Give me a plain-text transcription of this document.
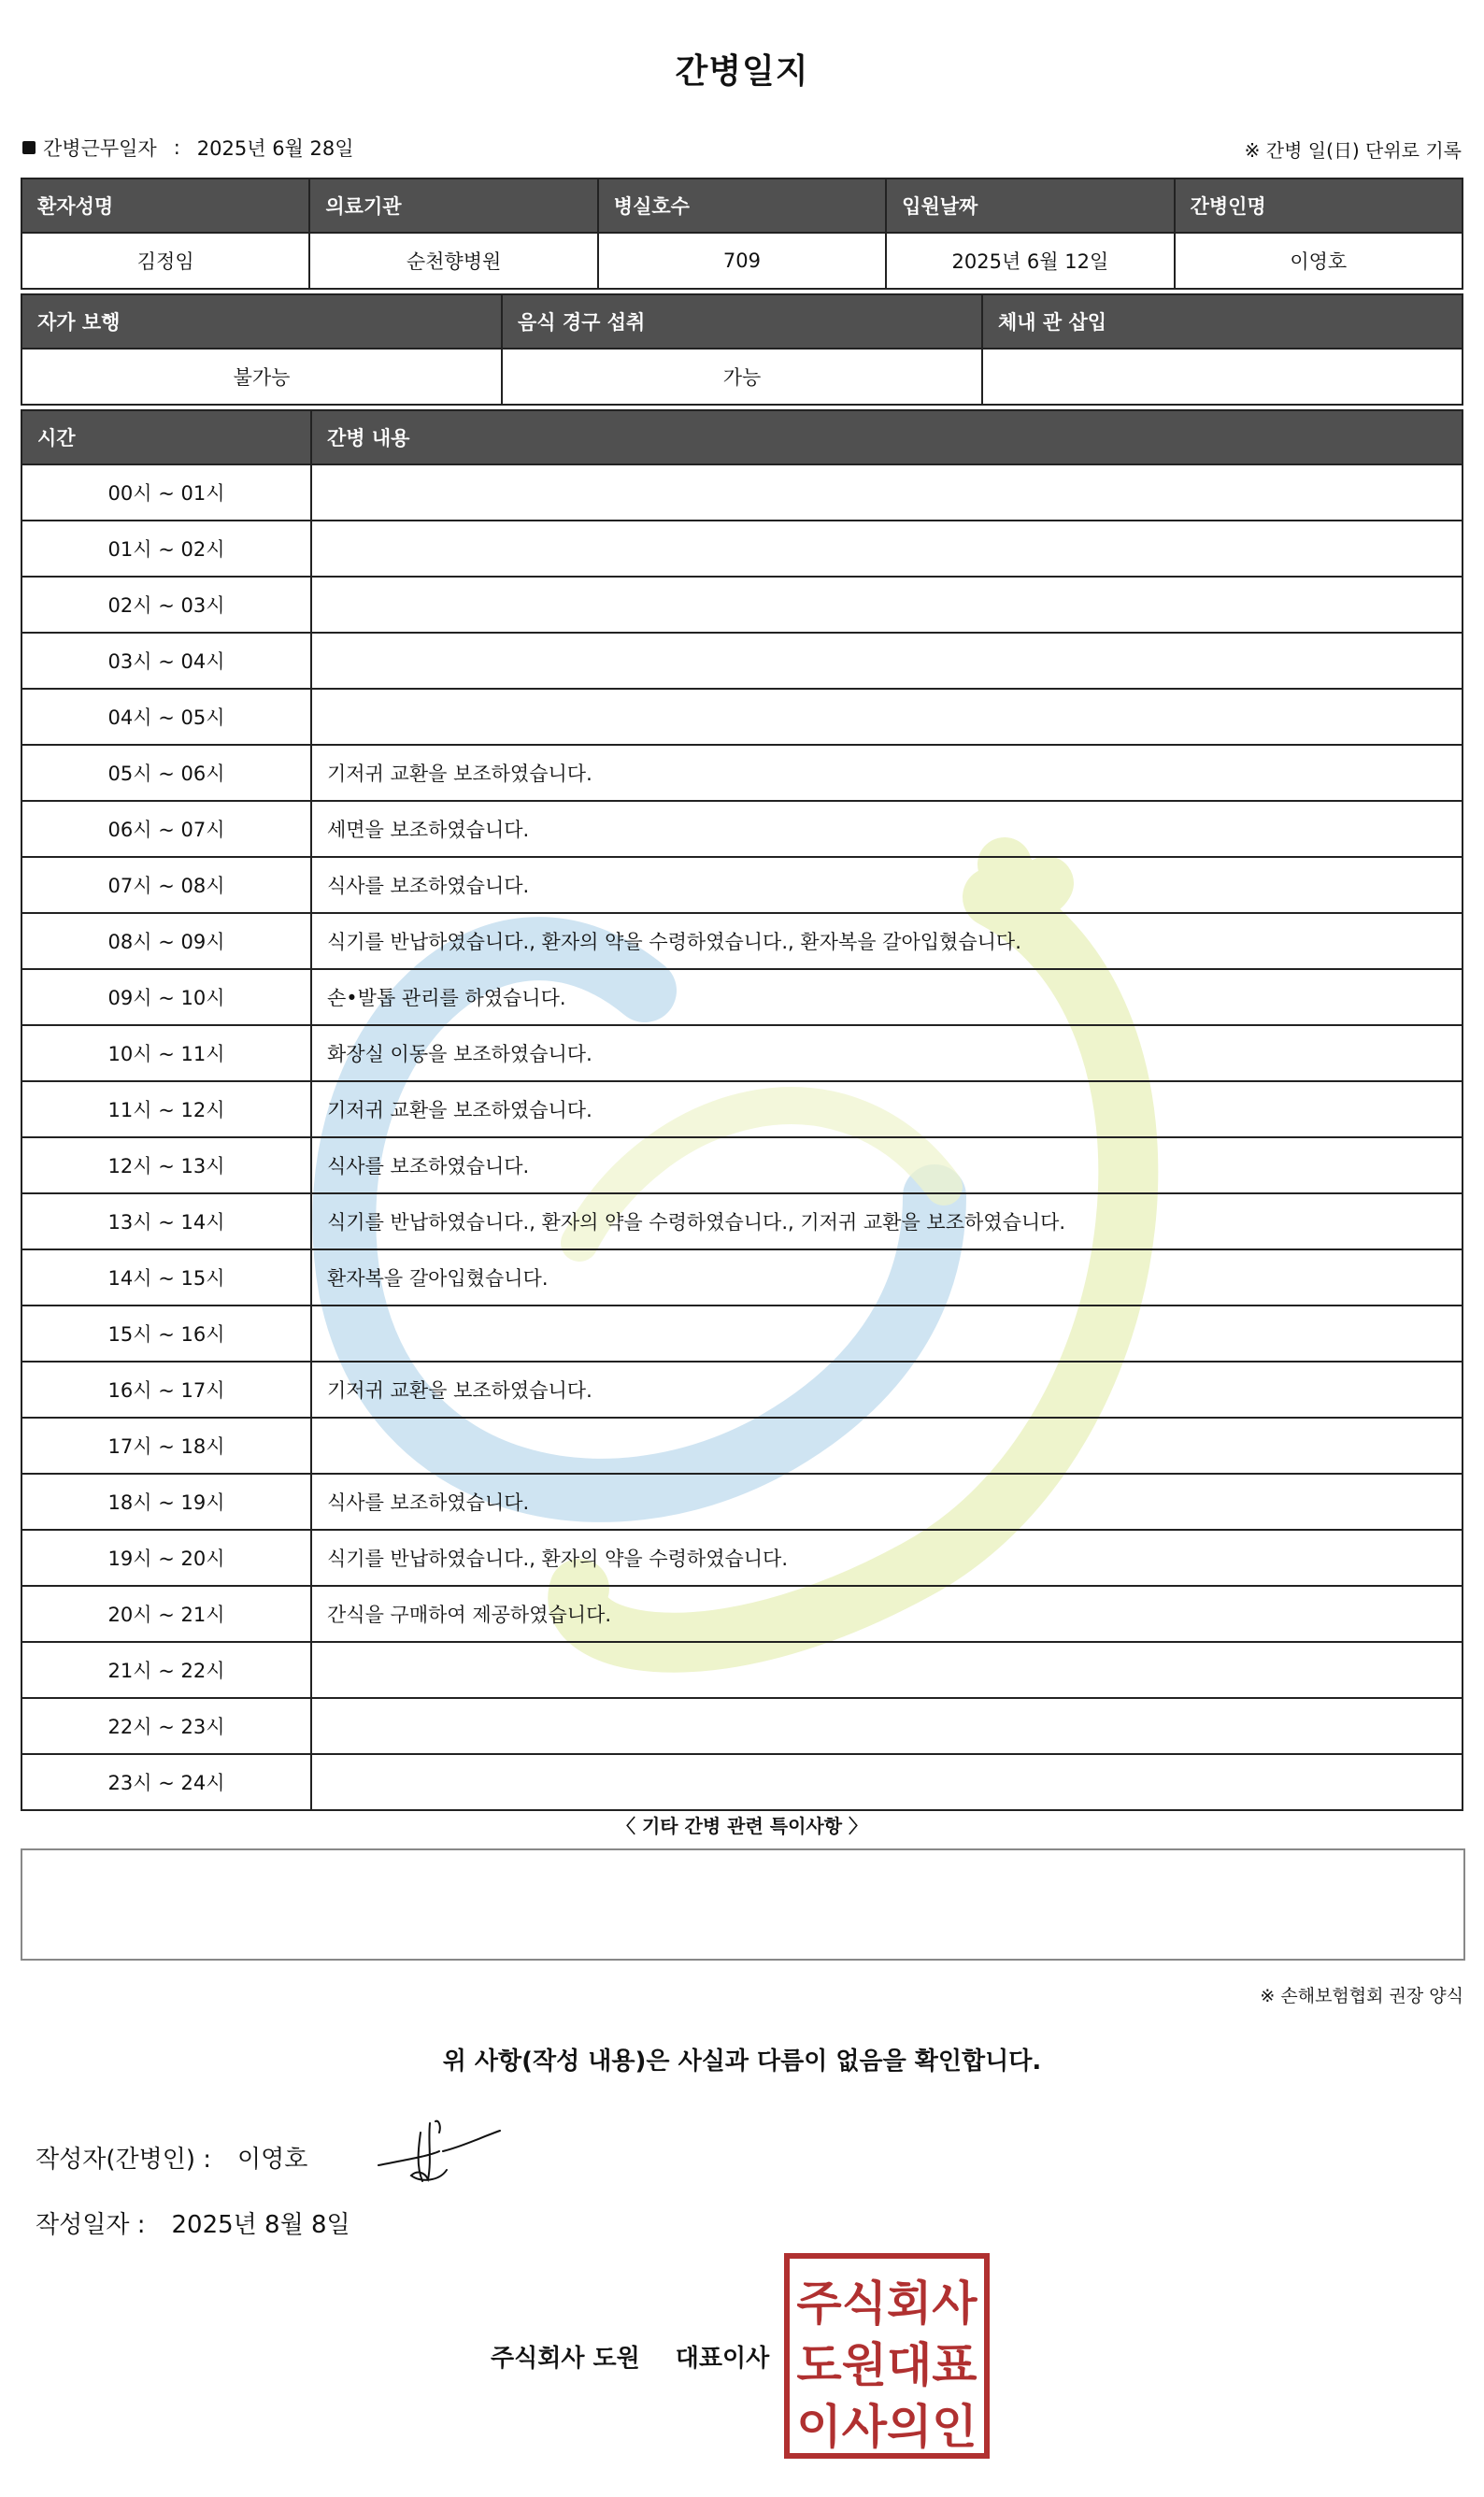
간병일지
간병근무일자 : 2025년 6월 28일	※ 간병 일(日) 단위로 기록
환자성명	의료기관	병실호수	입원날짜	간병인명
김정임	순천향병원	709	2025년 6월 12일	이영호
자가 보행	음식 경구 섭취	체내 관 삽입
불가능	가능	
시간	간병 내용
00시 ~ 01시	
01시 ~ 02시	
02시 ~ 03시	
03시 ~ 04시	
04시 ~ 05시	
05시 ~ 06시	기저귀 교환을 보조하였습니다.
06시 ~ 07시	세면을 보조하였습니다.
07시 ~ 08시	식사를 보조하였습니다.
08시 ~ 09시	식기를 반납하였습니다., 환자의 약을 수령하였습니다., 환자복을 갈아입혔습니다.
09시 ~ 10시	손•발톱 관리를 하였습니다.
10시 ~ 11시	화장실 이동을 보조하였습니다.
11시 ~ 12시	기저귀 교환을 보조하였습니다.
12시 ~ 13시	식사를 보조하였습니다.
13시 ~ 14시	식기를 반납하였습니다., 환자의 약을 수령하였습니다., 기저귀 교환을 보조하였습니다.
14시 ~ 15시	환자복을 갈아입혔습니다.
15시 ~ 16시	
16시 ~ 17시	기저귀 교환을 보조하였습니다.
17시 ~ 18시	
18시 ~ 19시	식사를 보조하였습니다.
19시 ~ 20시	식기를 반납하였습니다., 환자의 약을 수령하였습니다.
20시 ~ 21시	간식을 구매하여 제공하였습니다.
21시 ~ 22시	
22시 ~ 23시	
23시 ~ 24시	
〈 기타 간병 관련 특이사항 〉
※ 손해보험협회 권장 양식
위 사항(작성 내용)은 사실과 다름이 없음을 확인합니다.
작성자(간병인) : 이영호
작성일자 : 2025년 8월 8일
주식회사 도원 대표이사
주식회사
도원대표
이사의인
